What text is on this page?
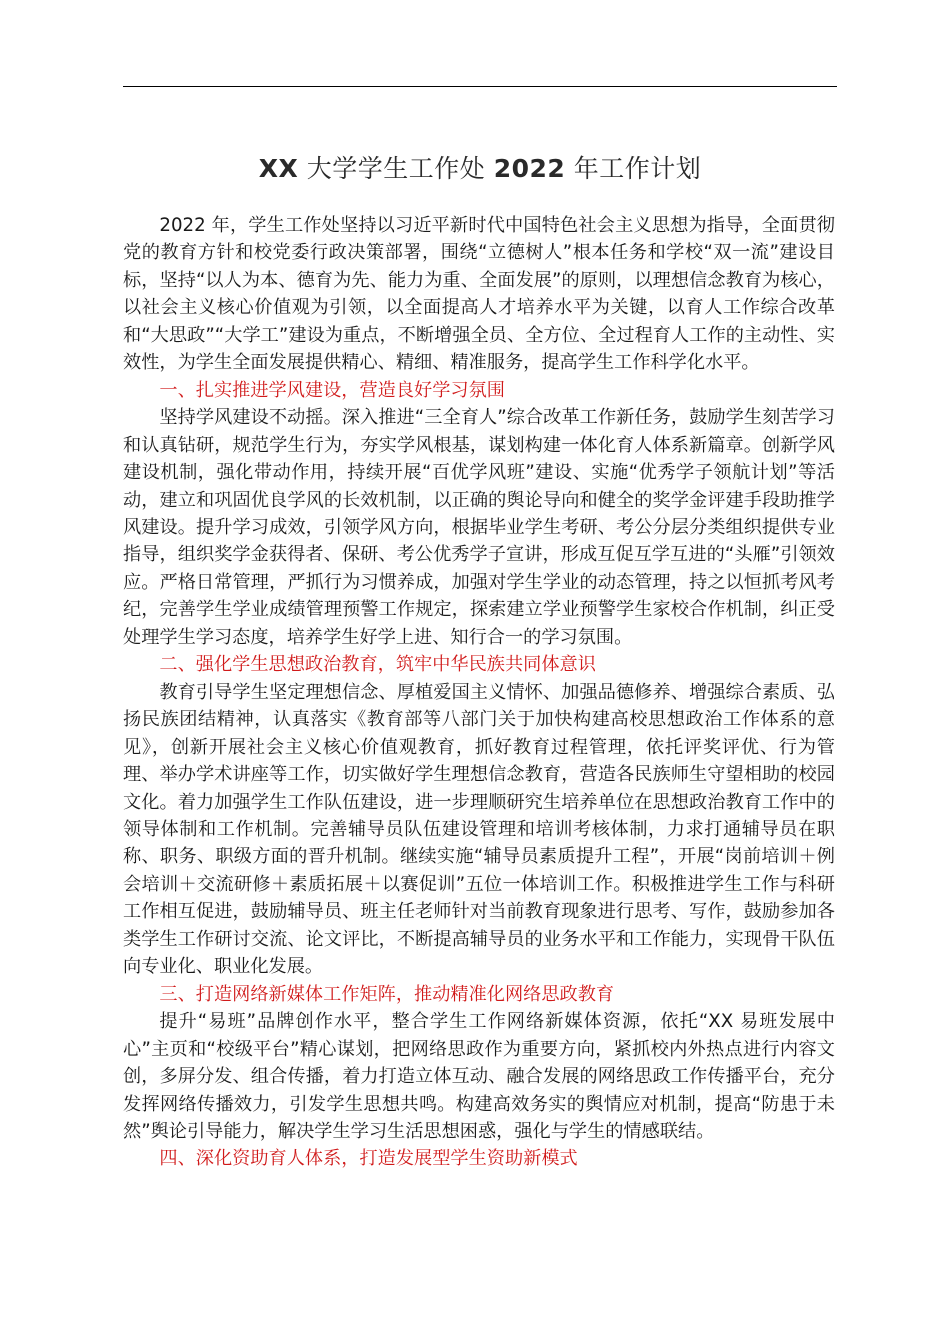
XX 大学学生工作处 2022 年工作计划

2022 年，学生工作处坚持以习近平新时代中国特色社会主义思想为指导，全面贯彻党的教育方针和校党委行政决策部署，围绕“立德树人”根本任务和学校“双一流”建设目标，坚持“以人为本、德育为先、能力为重、全面发展”的原则，以理想信念教育为核心，以社会主义核心价值观为引领，以全面提高人才培养水平为关键，以育人工作综合改革和“大思政”“大学工”建设为重点，不断增强全员、全方位、全过程育人工作的主动性、实效性，为学生全面发展提供精心、精细、精准服务，提高学生工作科学化水平。

一、扎实推进学风建设，营造良好学习氛围

坚持学风建设不动摇。深入推进“三全育人”综合改革工作新任务，鼓励学生刻苦学习和认真钻研，规范学生行为，夯实学风根基，谋划构建一体化育人体系新篇章。创新学风建设机制，强化带动作用，持续开展“百优学风班”建设、实施“优秀学子领航计划”等活动，建立和巩固优良学风的长效机制，以正确的舆论导向和健全的奖学金评建手段助推学风建设。提升学习成效，引领学风方向，根据毕业学生考研、考公分层分类组织提供专业指导，组织奖学金获得者、保研、考公优秀学子宣讲，形成互促互学互进的“头雁”引领效应。严格日常管理，严抓行为习惯养成，加强对学生学业的动态管理，持之以恒抓考风考纪，完善学生学业成绩管理预警工作规定，探索建立学业预警学生家校合作机制，纠正受处理学生学习态度，培养学生好学上进、知行合一的学习氛围。

二、强化学生思想政治教育，筑牢中华民族共同体意识

教育引导学生坚定理想信念、厚植爱国主义情怀、加强品德修养、增强综合素质、弘扬民族团结精神，认真落实《教育部等八部门关于加快构建高校思想政治工作体系的意见》，创新开展社会主义核心价值观教育，抓好教育过程管理，依托评奖评优、行为管理、举办学术讲座等工作，切实做好学生理想信念教育，营造各民族师生守望相助的校园文化。着力加强学生工作队伍建设，进一步理顺研究生培养单位在思想政治教育工作中的领导体制和工作机制。完善辅导员队伍建设管理和培训考核体制，力求打通辅导员在职称、职务、职级方面的晋升机制。继续实施“辅导员素质提升工程”，开展“岗前培训＋例会培训＋交流研修＋素质拓展＋以赛促训”五位一体培训工作。积极推进学生工作与科研工作相互促进，鼓励辅导员、班主任老师针对当前教育现象进行思考、写作，鼓励参加各类学生工作研讨交流、论文评比，不断提高辅导员的业务水平和工作能力，实现骨干队伍向专业化、职业化发展。

三、打造网络新媒体工作矩阵，推动精准化网络思政教育

提升“易班”品牌创作水平，整合学生工作网络新媒体资源，依托“XX 易班发展中心”主页和“校级平台”精心谋划，把网络思政作为重要方向，紧抓校内外热点进行内容文创，多屏分发、组合传播，着力打造立体互动、融合发展的网络思政工作传播平台，充分发挥网络传播效力，引发学生思想共鸣。构建高效务实的舆情应对机制，提高“防患于未然”舆论引导能力，解决学生学习生活思想困惑，强化与学生的情感联结。

四、深化资助育人体系，打造发展型学生资助新模式
